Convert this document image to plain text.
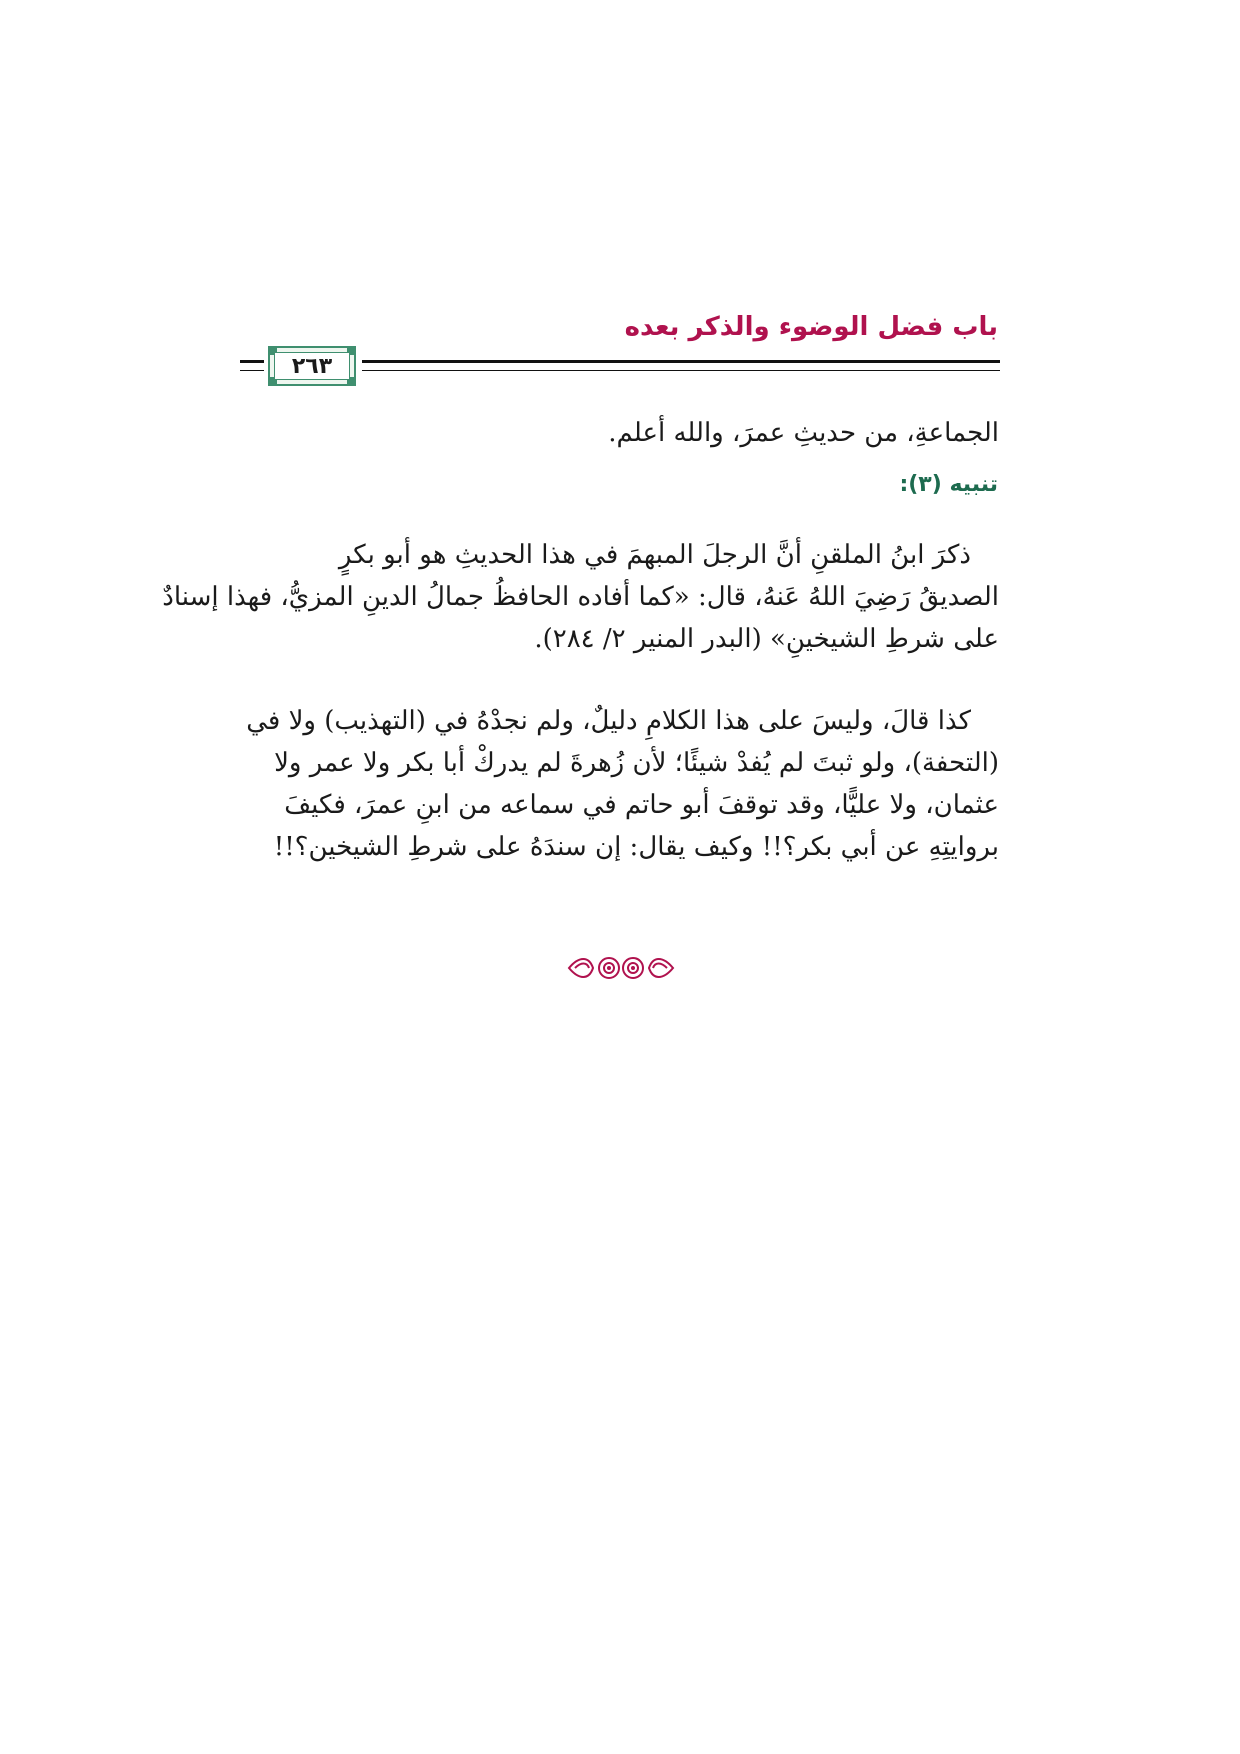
باب فضل الوضوء والذكر بعده
٢٦٣
الجماعةِ، من حديثِ عمرَ، والله أعلم.
تنبيه (٣):
ذكرَ ابنُ الملقنِ أنَّ الرجلَ المبهمَ في هذا الحديثِ هو أبو بكرٍ
الصديقُ رَضِيَ اللهُ عَنهُ، قال: «كما أفاده الحافظُ جمالُ الدينِ المزيُّ، فهذا إسنادٌ
على شرطِ الشيخينِ» (البدر المنير ٢/ ٢٨٤).
كذا قالَ، وليسَ على هذا الكلامِ دليلٌ، ولم نجدْهُ في (التهذيب) ولا في
(التحفة)، ولو ثبتَ لم يُفدْ شيئًا؛ لأن زُهرةَ لم يدركْ أبا بكر ولا عمر ولا
عثمان، ولا عليًّا، وقد توقفَ أبو حاتم في سماعه من ابنِ عمرَ، فكيفَ
بروايتِهِ عن أبي بكر؟!! وكيف يقال: إن سندَهُ على شرطِ الشيخين؟!!
